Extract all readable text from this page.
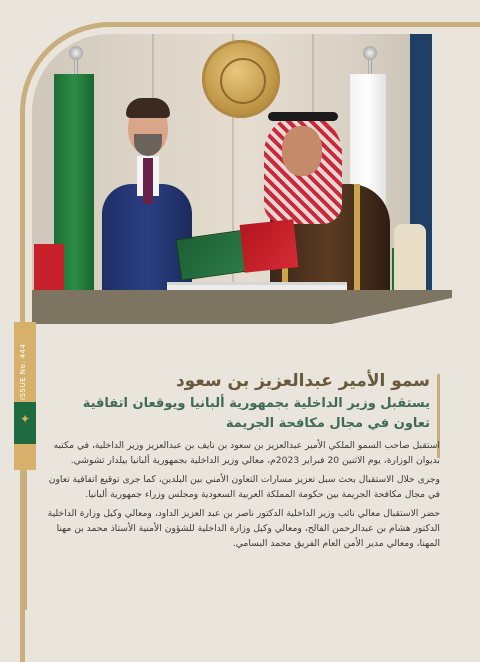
ISSUE No. 444
✦
7
سمو الأمير عبدالعزيز بن سعود
يستقبل وزير الداخلية بجمهورية ألبانيا ويوقعان اتفاقية
تعاون في مجال مكافحة الجريمة

استقبل صاحب السمو الملكي الأمير عبدالعزيز بن سعود بن نايف بن عبدالعزيز وزير الداخلية، في مكتبه بديوان الوزارة، يوم الاثنين 20 فبراير 2023م، معالي وزير الداخلية بجمهورية ألبانيا بيلدار تشوشي.

وجرى خلال الاستقبال بحث سبل تعزيز مسارات التعاون الأمني بين البلدين، كما جرى توقيع اتفاقية تعاون في مجال مكافحة الجريمة بين حكومة المملكة العربية السعودية ومجلس وزراء جمهورية ألبانيا.

حضر الاستقبال معالي نائب وزير الداخلية الدكتور ناصر بن عبد العزيز الداود، ومعالي وكيل وزارة الداخلية الدكتور هشام بن عبدالرحمن الفالح، ومعالي وكيل وزارة الداخلية للشؤون الأمنية الأستاذ محمد بن مهنا المهنا، ومعالي مدير الأمن العام الفريق محمد البسامي.
